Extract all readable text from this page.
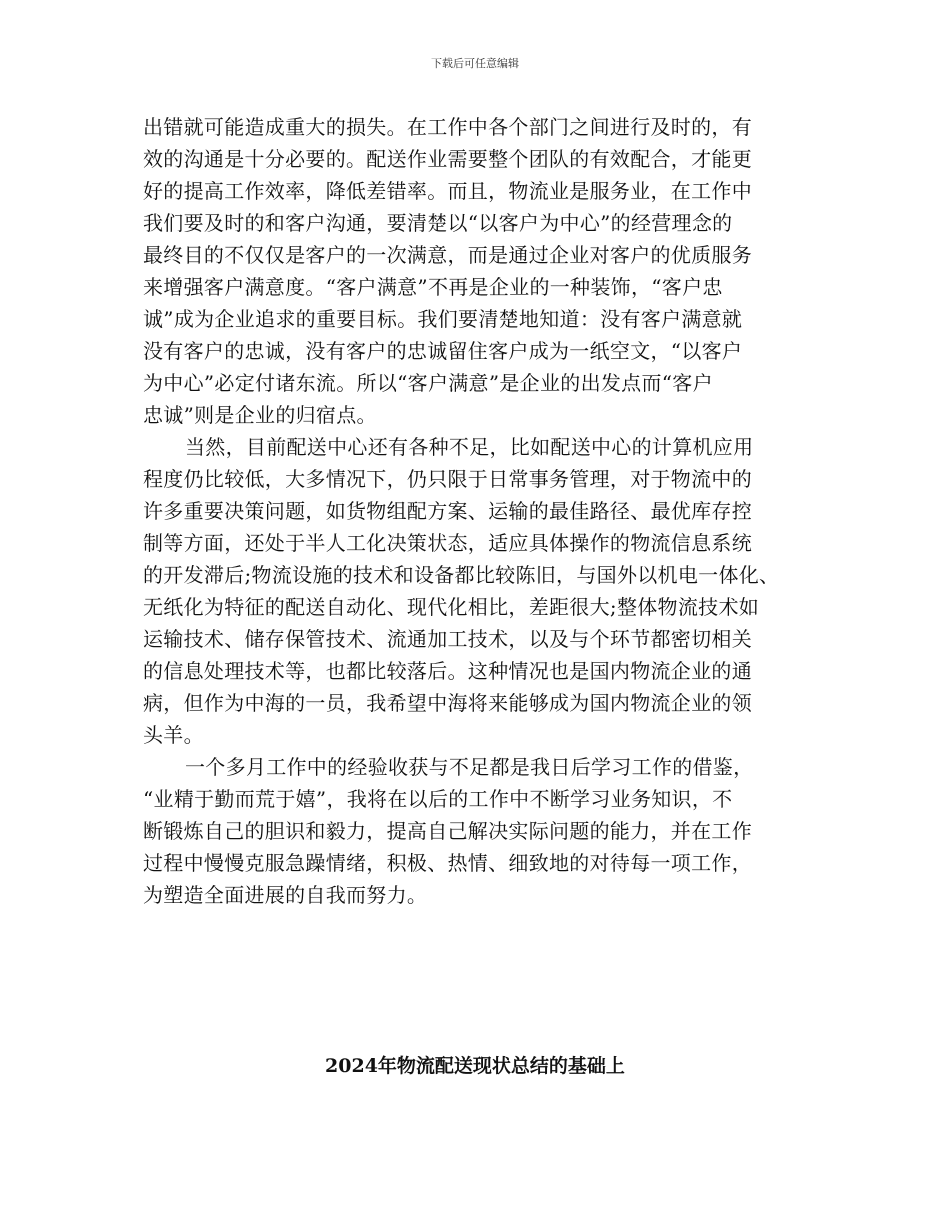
下载后可任意编辑
出错就可能造成重大的损失。在工作中各个部门之间进行及时的，有
效的沟通是十分必要的。配送作业需要整个团队的有效配合，才能更
好的提高工作效率，降低差错率。而且，物流业是服务业，在工作中
我们要及时的和客户沟通，要清楚以“以客户为中心”的经营理念的
最终目的不仅仅是客户的一次满意，而是通过企业对客户的优质服务
来增强客户满意度。“客户满意”不再是企业的一种装饰，“客户忠
诚”成为企业追求的重要目标。我们要清楚地知道：没有客户满意就
没有客户的忠诚，没有客户的忠诚留住客户成为一纸空文，“以客户
为中心”必定付诸东流。所以“客户满意”是企业的出发点而“客户
忠诚”则是企业的归宿点。
当然，目前配送中心还有各种不足，比如配送中心的计算机应用
程度仍比较低，大多情况下，仍只限于日常事务管理，对于物流中的
许多重要决策问题，如货物组配方案、运输的最佳路径、最优库存控
制等方面，还处于半人工化决策状态，适应具体操作的物流信息系统
的开发滞后;物流设施的技术和设备都比较陈旧，与国外以机电一体化、
无纸化为特征的配送自动化、现代化相比，差距很大;整体物流技术如
运输技术、储存保管技术、流通加工技术，以及与个环节都密切相关
的信息处理技术等，也都比较落后。这种情况也是国内物流企业的通
病，但作为中海的一员，我希望中海将来能够成为国内物流企业的领
头羊。
一个多月工作中的经验收获与不足都是我日后学习工作的借鉴，
“业精于勤而荒于嬉”，我将在以后的工作中不断学习业务知识，不
断锻炼自己的胆识和毅力，提高自己解决实际问题的能力，并在工作
过程中慢慢克服急躁情绪，积极、热情、细致地的对待每一项工作，
为塑造全面进展的自我而努力。
2024年物流配送现状总结的基础上
